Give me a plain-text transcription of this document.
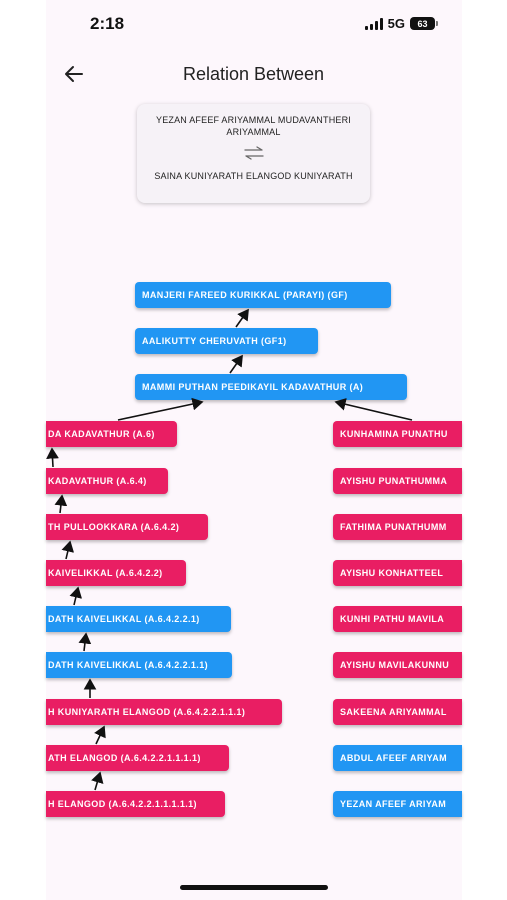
2:18	5G 63
Relation Between
YEZAN AFEEF ARIYAMMAL MUDAVANTHERI ARIYAMMAL
SAINA KUNIYARATH ELANGOD KUNIYARATH
MANJERI FAREED KURIKKAL (PARAYI) (GF)
AALIKUTTY CHERUVATH (GF1)
MAMMI PUTHAN PEEDIKAYIL KADAVATHUR (A)
DA KADAVATHUR (A.6)
KADAVATHUR (A.6.4)
TH PULLOOKKARA (A.6.4.2)
KAIVELIKKAL (A.6.4.2.2)
DATH KAIVELIKKAL (A.6.4.2.2.1)
DATH KAIVELIKKAL (A.6.4.2.2.1.1)
H KUNIYARATH ELANGOD (A.6.4.2.2.1.1.1)
ATH ELANGOD (A.6.4.2.2.1.1.1.1)
H ELANGOD (A.6.4.2.2.1.1.1.1.1)
KUNHAMINA PUNATHU
AYISHU PUNATHUMMA
FATHIMA PUNATHUMM
AYISHU KONHATTEEL
KUNHI PATHU MAVILA
AYISHU MAVILAKUNNU
SAKEENA ARIYAMMAL
ABDUL AFEEF ARIYAM
YEZAN AFEEF ARIYAM
